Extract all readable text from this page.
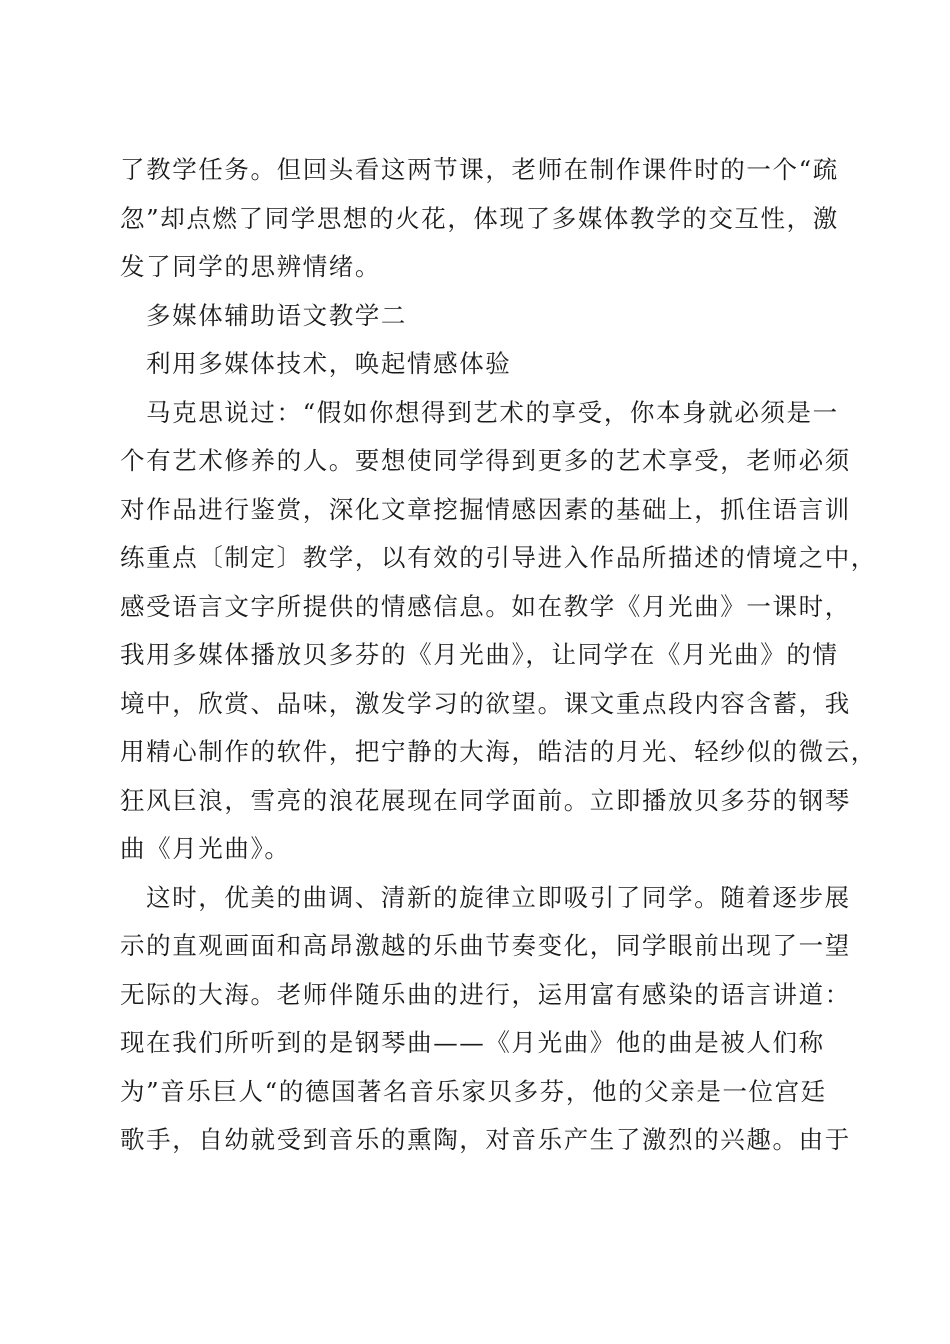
了教学任务。但回头看这两节课，老师在制作课件时的一个“疏
忽”却点燃了同学思想的火花，体现了多媒体教学的交互性，激
发了同学的思辨情绪。
多媒体辅助语文教学二
利用多媒体技术，唤起情感体验
马克思说过：“假如你想得到艺术的享受，你本身就必须是一
个有艺术修养的人。要想使同学得到更多的艺术享受，老师必须
对作品进行鉴赏，深化文章挖掘情感因素的基础上，抓住语言训
练重点〔制定〕教学，以有效的引导进入作品所描述的情境之中，
感受语言文字所提供的情感信息。如在教学《月光曲》一课时，
我用多媒体播放贝多芬的《月光曲》，让同学在《月光曲》的情
境中，欣赏、品味，激发学习的欲望。课文重点段内容含蓄，我
用精心制作的软件，把宁静的大海，皓洁的月光、轻纱似的微云，
狂风巨浪，雪亮的浪花展现在同学面前。立即播放贝多芬的钢琴
曲《月光曲》。
这时，优美的曲调、清新的旋律立即吸引了同学。随着逐步展
示的直观画面和高昂激越的乐曲节奏变化，同学眼前出现了一望
无际的大海。老师伴随乐曲的进行，运用富有感染的语言讲道：
现在我们所听到的是钢琴曲——《月光曲》他的曲是被人们称
为”音乐巨人“的德国著名音乐家贝多芬，他的父亲是一位宫廷
歌手，自幼就受到音乐的熏陶，对音乐产生了激烈的兴趣。由于
